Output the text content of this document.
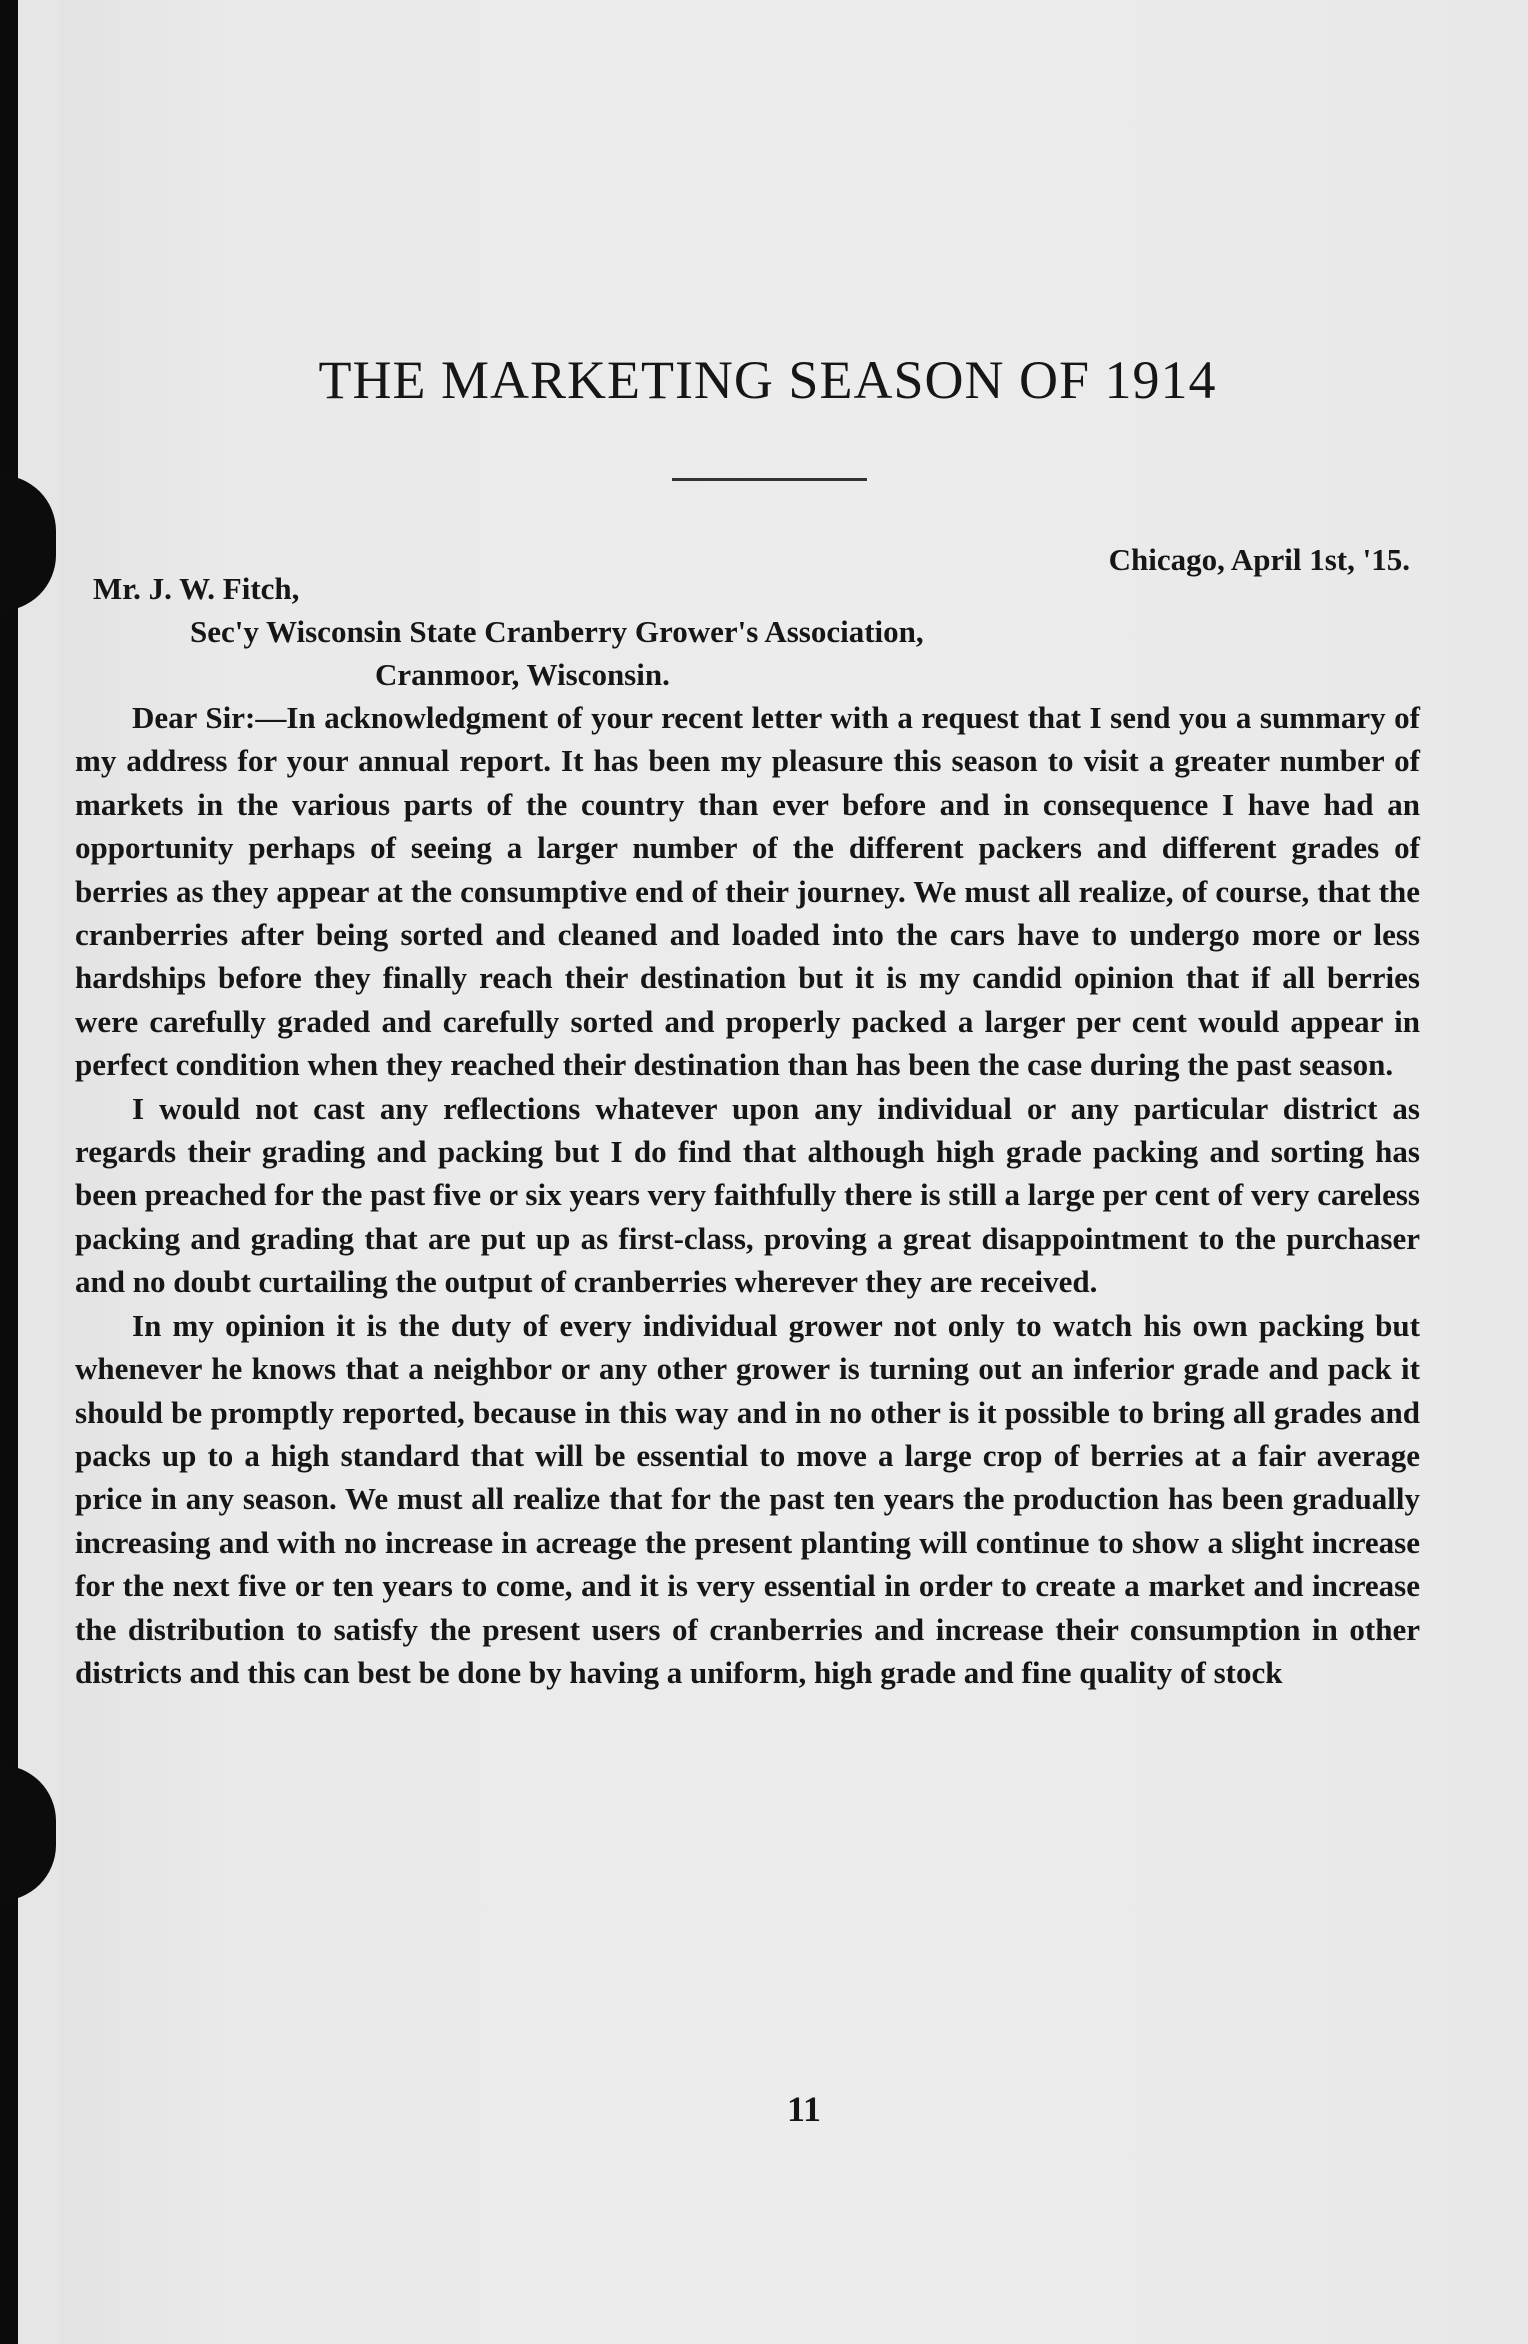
THE MARKETING SEASON OF 1914
Chicago, April 1st, '15.
Mr. J. W. Fitch,
Sec'y Wisconsin State Cranberry Grower's Association,
Cranmoor, Wisconsin.

Dear Sir:—In acknowledgment of your recent letter with a request that I send you a summary of my address for your annual report. It has been my pleasure this season to visit a greater number of markets in the various parts of the country than ever before and in consequence I have had an opportunity perhaps of seeing a larger number of the different packers and different grades of berries as they appear at the consumptive end of their journey. We must all realize, of course, that the cranberries after being sorted and cleaned and loaded into the cars have to undergo more or less hardships before they finally reach their destination but it is my candid opinion that if all berries were carefully graded and carefully sorted and properly packed a larger per cent would appear in perfect condition when they reached their destination than has been the case during the past season.

I would not cast any reflections whatever upon any individual or any particular district as regards their grading and packing but I do find that although high grade packing and sorting has been preached for the past five or six years very faithfully there is still a large per cent of very careless packing and grading that are put up as first-class, proving a great disappointment to the purchaser and no doubt curtailing the output of cranberries wherever they are received.

In my opinion it is the duty of every individual grower not only to watch his own packing but whenever he knows that a neighbor or any other grower is turning out an inferior grade and pack it should be promptly reported, because in this way and in no other is it possible to bring all grades and packs up to a high standard that will be essential to move a large crop of berries at a fair average price in any season. We must all realize that for the past ten years the production has been gradually increasing and with no increase in acreage the present planting will continue to show a slight increase for the next five or ten years to come, and it is very essential in order to create a market and increase the distribution to satisfy the present users of cranberries and increase their consumption in other districts and this can best be done by having a uniform, high grade and fine quality of stock

11
